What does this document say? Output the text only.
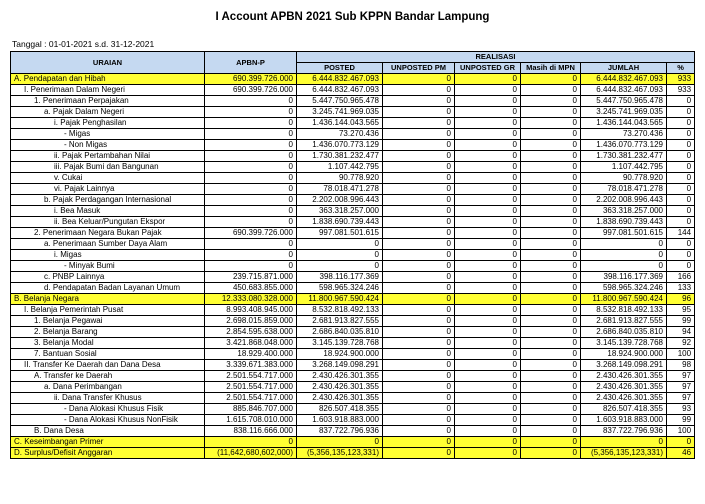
I Account APBN 2021 Sub KPPN Bandar Lampung
Tanggal : 01-01-2021 s.d. 31-12-2021
URAIAN	APBN-P	REALISASI					
		POSTED	UNPOSTED PM	UNPOSTED GR	Masih di MPN	JUMLAH	%
A. Pendapatan dan Hibah	690.399.726.000	6.444.832.467.093	0	0	0	6.444.832.467.093	933
I. Penerimaan Dalam Negeri	690.399.726.000	6.444.832.467.093	0	0	0	6.444.832.467.093	933
1. Penerimaan Perpajakan	0	5.447.750.965.478	0	0	0	5.447.750.965.478	0
a. Pajak Dalam Negeri	0	3.245.741.969.035	0	0	0	3.245.741.969.035	0
i. Pajak Penghasilan	0	1.436.144.043.565	0	0	0	1.436.144.043.565	0
- Migas	0	73.270.436	0	0	0	73.270.436	0
- Non Migas	0	1.436.070.773.129	0	0	0	1.436.070.773.129	0
ii. Pajak Pertambahan Nilai	0	1.730.381.232.477	0	0	0	1.730.381.232.477	0
iii. Pajak Bumi dan Bangunan	0	1.107.442.795	0	0	0	1.107.442.795	0
v. Cukai	0	90.778.920	0	0	0	90.778.920	0
vi. Pajak Lainnya	0	78.018.471.278	0	0	0	78.018.471.278	0
b. Pajak Perdagangan Internasional	0	2.202.008.996.443	0	0	0	2.202.008.996.443	0
i. Bea Masuk	0	363.318.257.000	0	0	0	363.318.257.000	0
ii. Bea Keluar/Pungutan Ekspor	0	1.838.690.739.443	0	0	0	1.838.690.739.443	0
2. Penerimaan Negara Bukan Pajak	690.399.726.000	997.081.501.615	0	0	0	997.081.501.615	144
a. Penerimaan Sumber Daya Alam	0	0	0	0	0	0	0
i. Migas	0	0	0	0	0	0	0
- Minyak Bumi	0	0	0	0	0	0	0
c. PNBP Lainnya	239.715.871.000	398.116.177.369	0	0	0	398.116.177.369	166
d. Pendapatan Badan Layanan Umum	450.683.855.000	598.965.324.246	0	0	0	598.965.324.246	133
B. Belanja Negara	12.333.080.328.000	11.800.967.590.424	0	0	0	11.800.967.590.424	96
I. Belanja Pemerintah Pusat	8.993.408.945.000	8.532.818.492.133	0	0	0	8.532.818.492.133	95
1. Belanja Pegawai	2.698.015.859.000	2.681.913.827.555	0	0	0	2.681.913.827.555	99
2. Belanja Barang	2.854.595.638.000	2.686.840.035.810	0	0	0	2.686.840.035.810	94
3. Belanja Modal	3.421.868.048.000	3.145.139.728.768	0	0	0	3.145.139.728.768	92
7. Bantuan Sosial	18.929.400.000	18.924.900.000	0	0	0	18.924.900.000	100
II. Transfer Ke Daerah dan Dana Desa	3.339.671.383.000	3.268.149.098.291	0	0	0	3.268.149.098.291	98
A. Transfer ke Daerah	2.501.554.717.000	2.430.426.301.355	0	0	0	2.430.426.301.355	97
a. Dana Perimbangan	2.501.554.717.000	2.430.426.301.355	0	0	0	2.430.426.301.355	97
ii. Dana Transfer Khusus	2.501.554.717.000	2.430.426.301.355	0	0	0	2.430.426.301.355	97
- Dana Alokasi Khusus Fisik	885.846.707.000	826.507.418.355	0	0	0	826.507.418.355	93
- Dana Alokasi Khusus NonFisik	1.615.708.010.000	1.603.918.883.000	0	0	0	1.603.918.883.000	99
B. Dana Desa	838.116.666.000	837.722.796.936	0	0	0	837.722.796.936	100
C. Keseimbangan Primer	0	0	0	0	0	0	0
D. Surplus/Defisit Anggaran	(11,642,680,602,000)	(5,356,135,123,331)	0	0	0	(5,356,135,123,331)	46
